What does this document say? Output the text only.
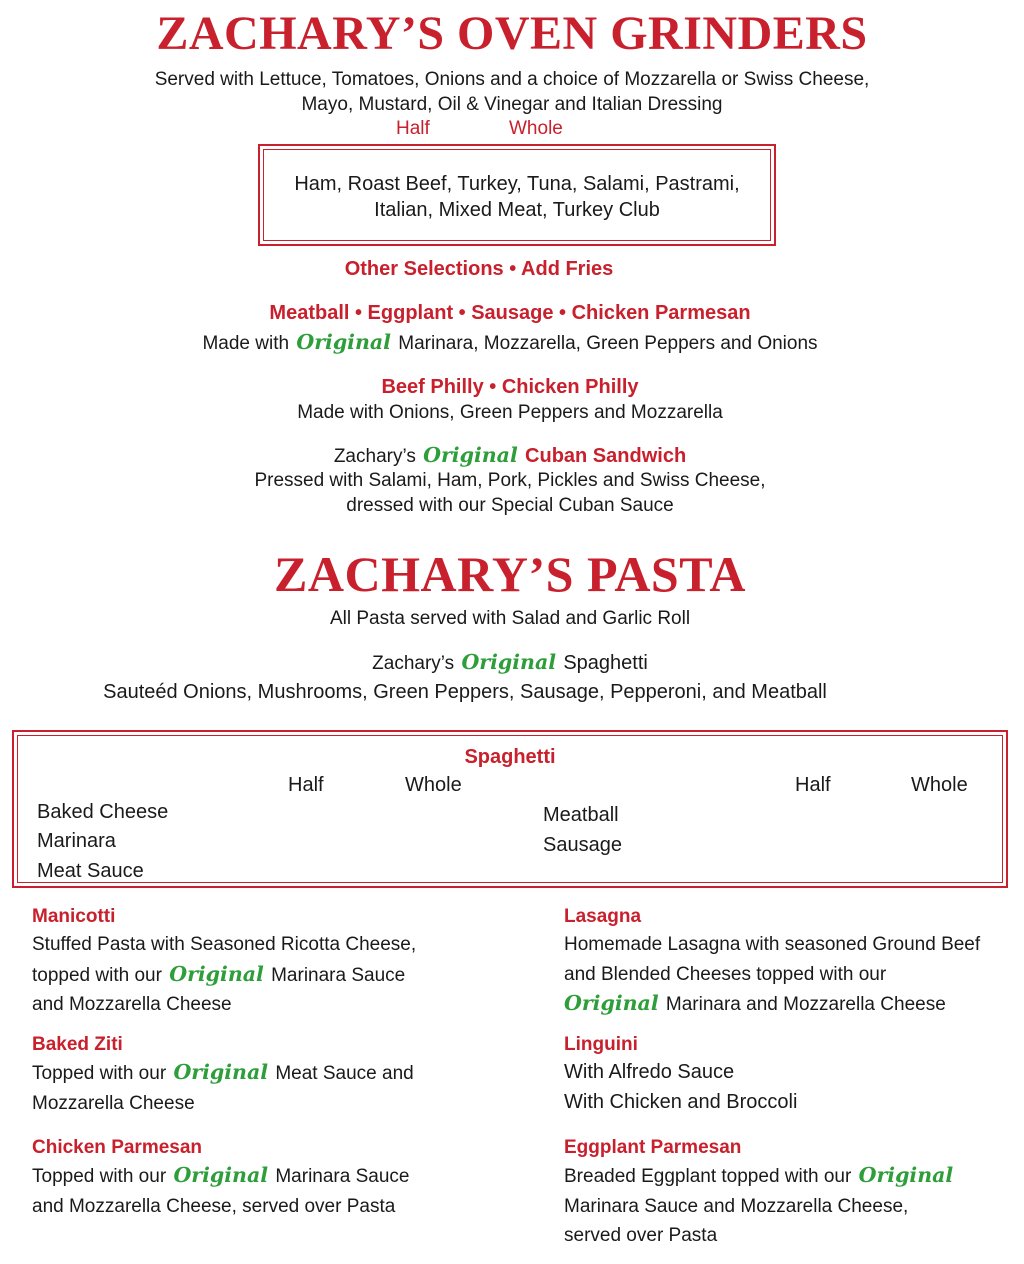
ZACHARY’S OVEN GRINDERS
Served with Lettuce, Tomatoes, Onions and a choice of Mozzarella or Swiss Cheese,
Mayo, Mustard, Oil & Vinegar and Italian Dressing
Half	Whole
Ham, Roast Beef, Turkey, Tuna, Salami, Pastrami,
Italian, Mixed Meat, Turkey Club
Other Selections • Add Fries
Meatball • Eggplant • Sausage • Chicken Parmesan
Made with Original Marinara, Mozzarella, Green Peppers and Onions
Beef Philly • Chicken Philly
Made with Onions, Green Peppers and Mozzarella
Zachary’s Original Cuban Sandwich
Pressed with Salami, Ham, Pork, Pickles and Swiss Cheese,
dressed with our Special Cuban Sauce
ZACHARY’S PASTA
All Pasta served with Salad and Garlic Roll
Zachary’s Original Spaghetti
Sauteéd Onions, Mushrooms, Green Peppers, Sausage, Pepperoni, and Meatball
Spaghetti
Half	Whole	Half	Whole
Baked Cheese
Marinara
Meat Sauce
Meatball
Sausage
Manicotti
Stuffed Pasta with Seasoned Ricotta Cheese,
topped with our Original Marinara Sauce
and Mozzarella Cheese
Baked Ziti
Topped with our Original Meat Sauce and
Mozzarella Cheese
Chicken Parmesan
Topped with our Original Marinara Sauce
and Mozzarella Cheese, served over Pasta
Lasagna
Homemade Lasagna with seasoned Ground Beef
and Blended Cheeses topped with our
Original Marinara and Mozzarella Cheese
Linguini
With Alfredo Sauce
With Chicken and Broccoli
Eggplant Parmesan
Breaded Eggplant topped with our Original
Marinara Sauce and Mozzarella Cheese,
served over Pasta
